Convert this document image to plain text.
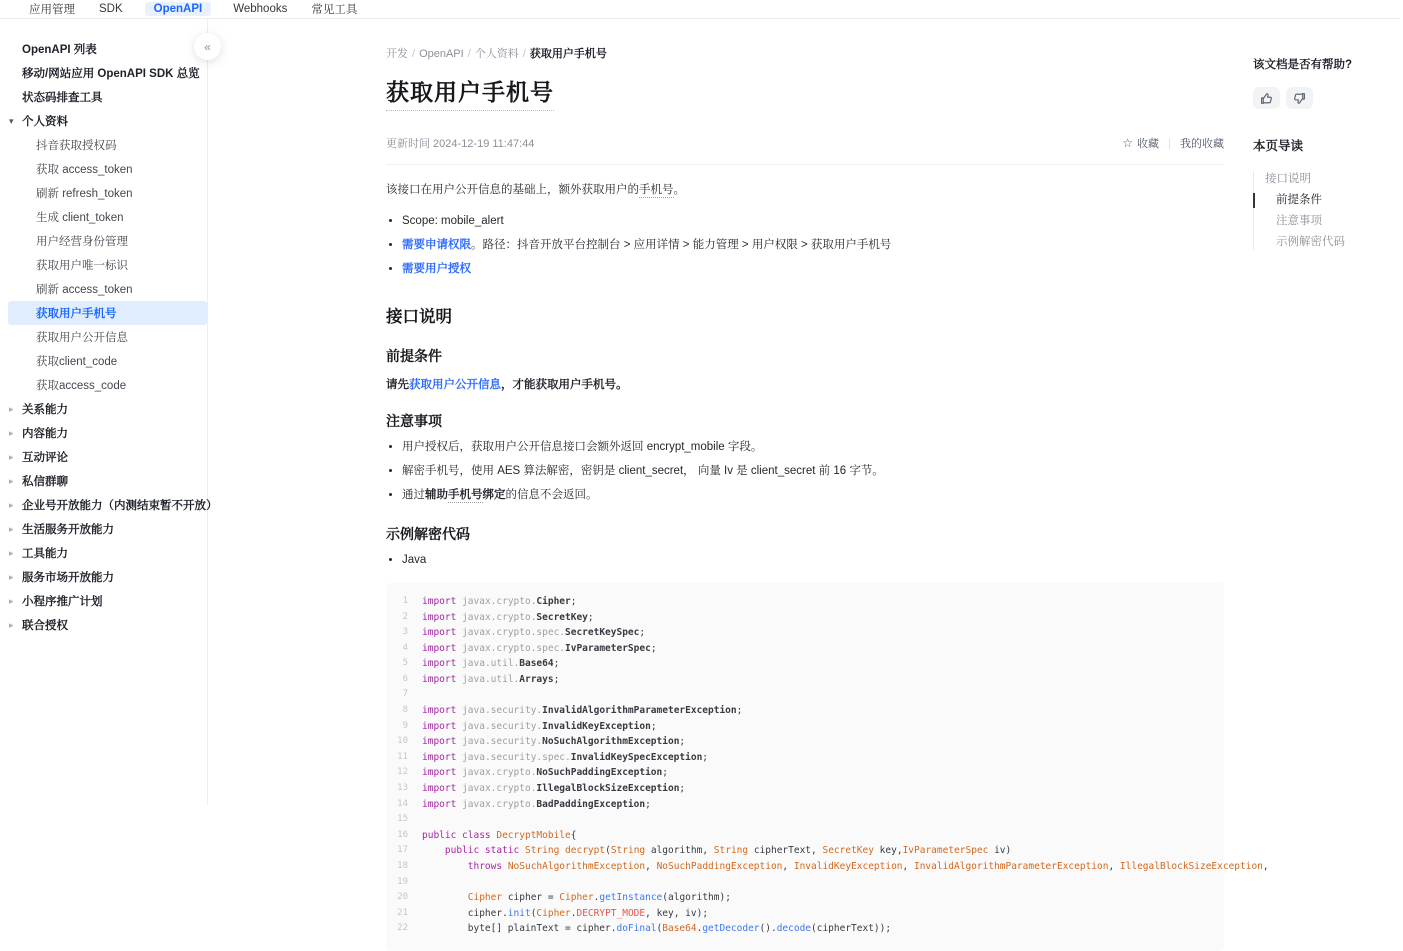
应用管理 SDK	OpenAPI	Webhooks 常见工具
«
OpenAPI 列表
移动/网站应用 OpenAPI SDK 总览
状态码排查工具
▾ 个人资料
抖音获取授权码
获取 access_token
刷新 refresh_token
生成 client_token
用户经营身份管理
获取用户唯一标识
刷新 access_token
获取用户手机号
获取用户公开信息
获取client_code
获取access_code
▸ 关系能力
▸ 内容能力
▸ 互动评论
▸ 私信群聊
▸ 企业号开放能力（内测结束暂不开放）
▸ 生活服务开放能力
▸ 工具能力
▸ 服务市场开放能力
▸ 小程序推广计划
▸ 联合授权
开发 / OpenAPI / 个人资料 / 获取用户手机号
获取用户手机号
更新时间 2024-12-19 11:47:44	☆ 收藏 我的收藏

该接口在用户公开信息的基础上，额外获取用户的手机号。

• Scope: mobile_alert
• 需要申请权限。路径：抖音开放平台控制台 > 应用详情 > 能力管理 > 用户权限 > 获取用户手机号
• 需要用户授权
接口说明
前提条件

请先获取用户公开信息，才能获取用户手机号。

注意事项
• 用户授权后，获取用户公开信息接口会额外返回 encrypt_mobile 字段。
• 解密手机号，使用 AES 算法解密，密钥是 client_secret， 向量 Iv 是 client_secret 前 16 字节。
• 通过辅助手机号绑定的信息不会返回。
示例解密代码
• Java
1	import javax.crypto.Cipher;
2	import javax.crypto.SecretKey;
3	import javax.crypto.spec.SecretKeySpec;
4	import javax.crypto.spec.IvParameterSpec;
5	import java.util.Base64;
6	import java.util.Arrays;
7

8	import java.security.InvalidAlgorithmParameterException;
9	import java.security.InvalidKeyException;
10	import java.security.NoSuchAlgorithmException;
11	import java.security.spec.InvalidKeySpecException;
12	import javax.crypto.NoSuchPaddingException;
13	import javax.crypto.IllegalBlockSizeException;
14	import javax.crypto.BadPaddingException;
15

16	public class DecryptMobile{
17	public static String decrypt(String algorithm, String cipherText, SecretKey key,IvParameterSpec iv)
18	throws NoSuchAlgorithmException, NoSuchPaddingException, InvalidKeyException, InvalidAlgorithmParameterException, IllegalBlockSizeException,
19

20	Cipher cipher = Cipher.getInstance(algorithm);
21	cipher.init(Cipher.DECRYPT_MODE, key, iv);
22	byte[] plainText = cipher.doFinal(Base64.getDecoder().decode(cipherText));
该文档是否有帮助?
本页导读
接口说明
前提条件
注意事项
示例解密代码
